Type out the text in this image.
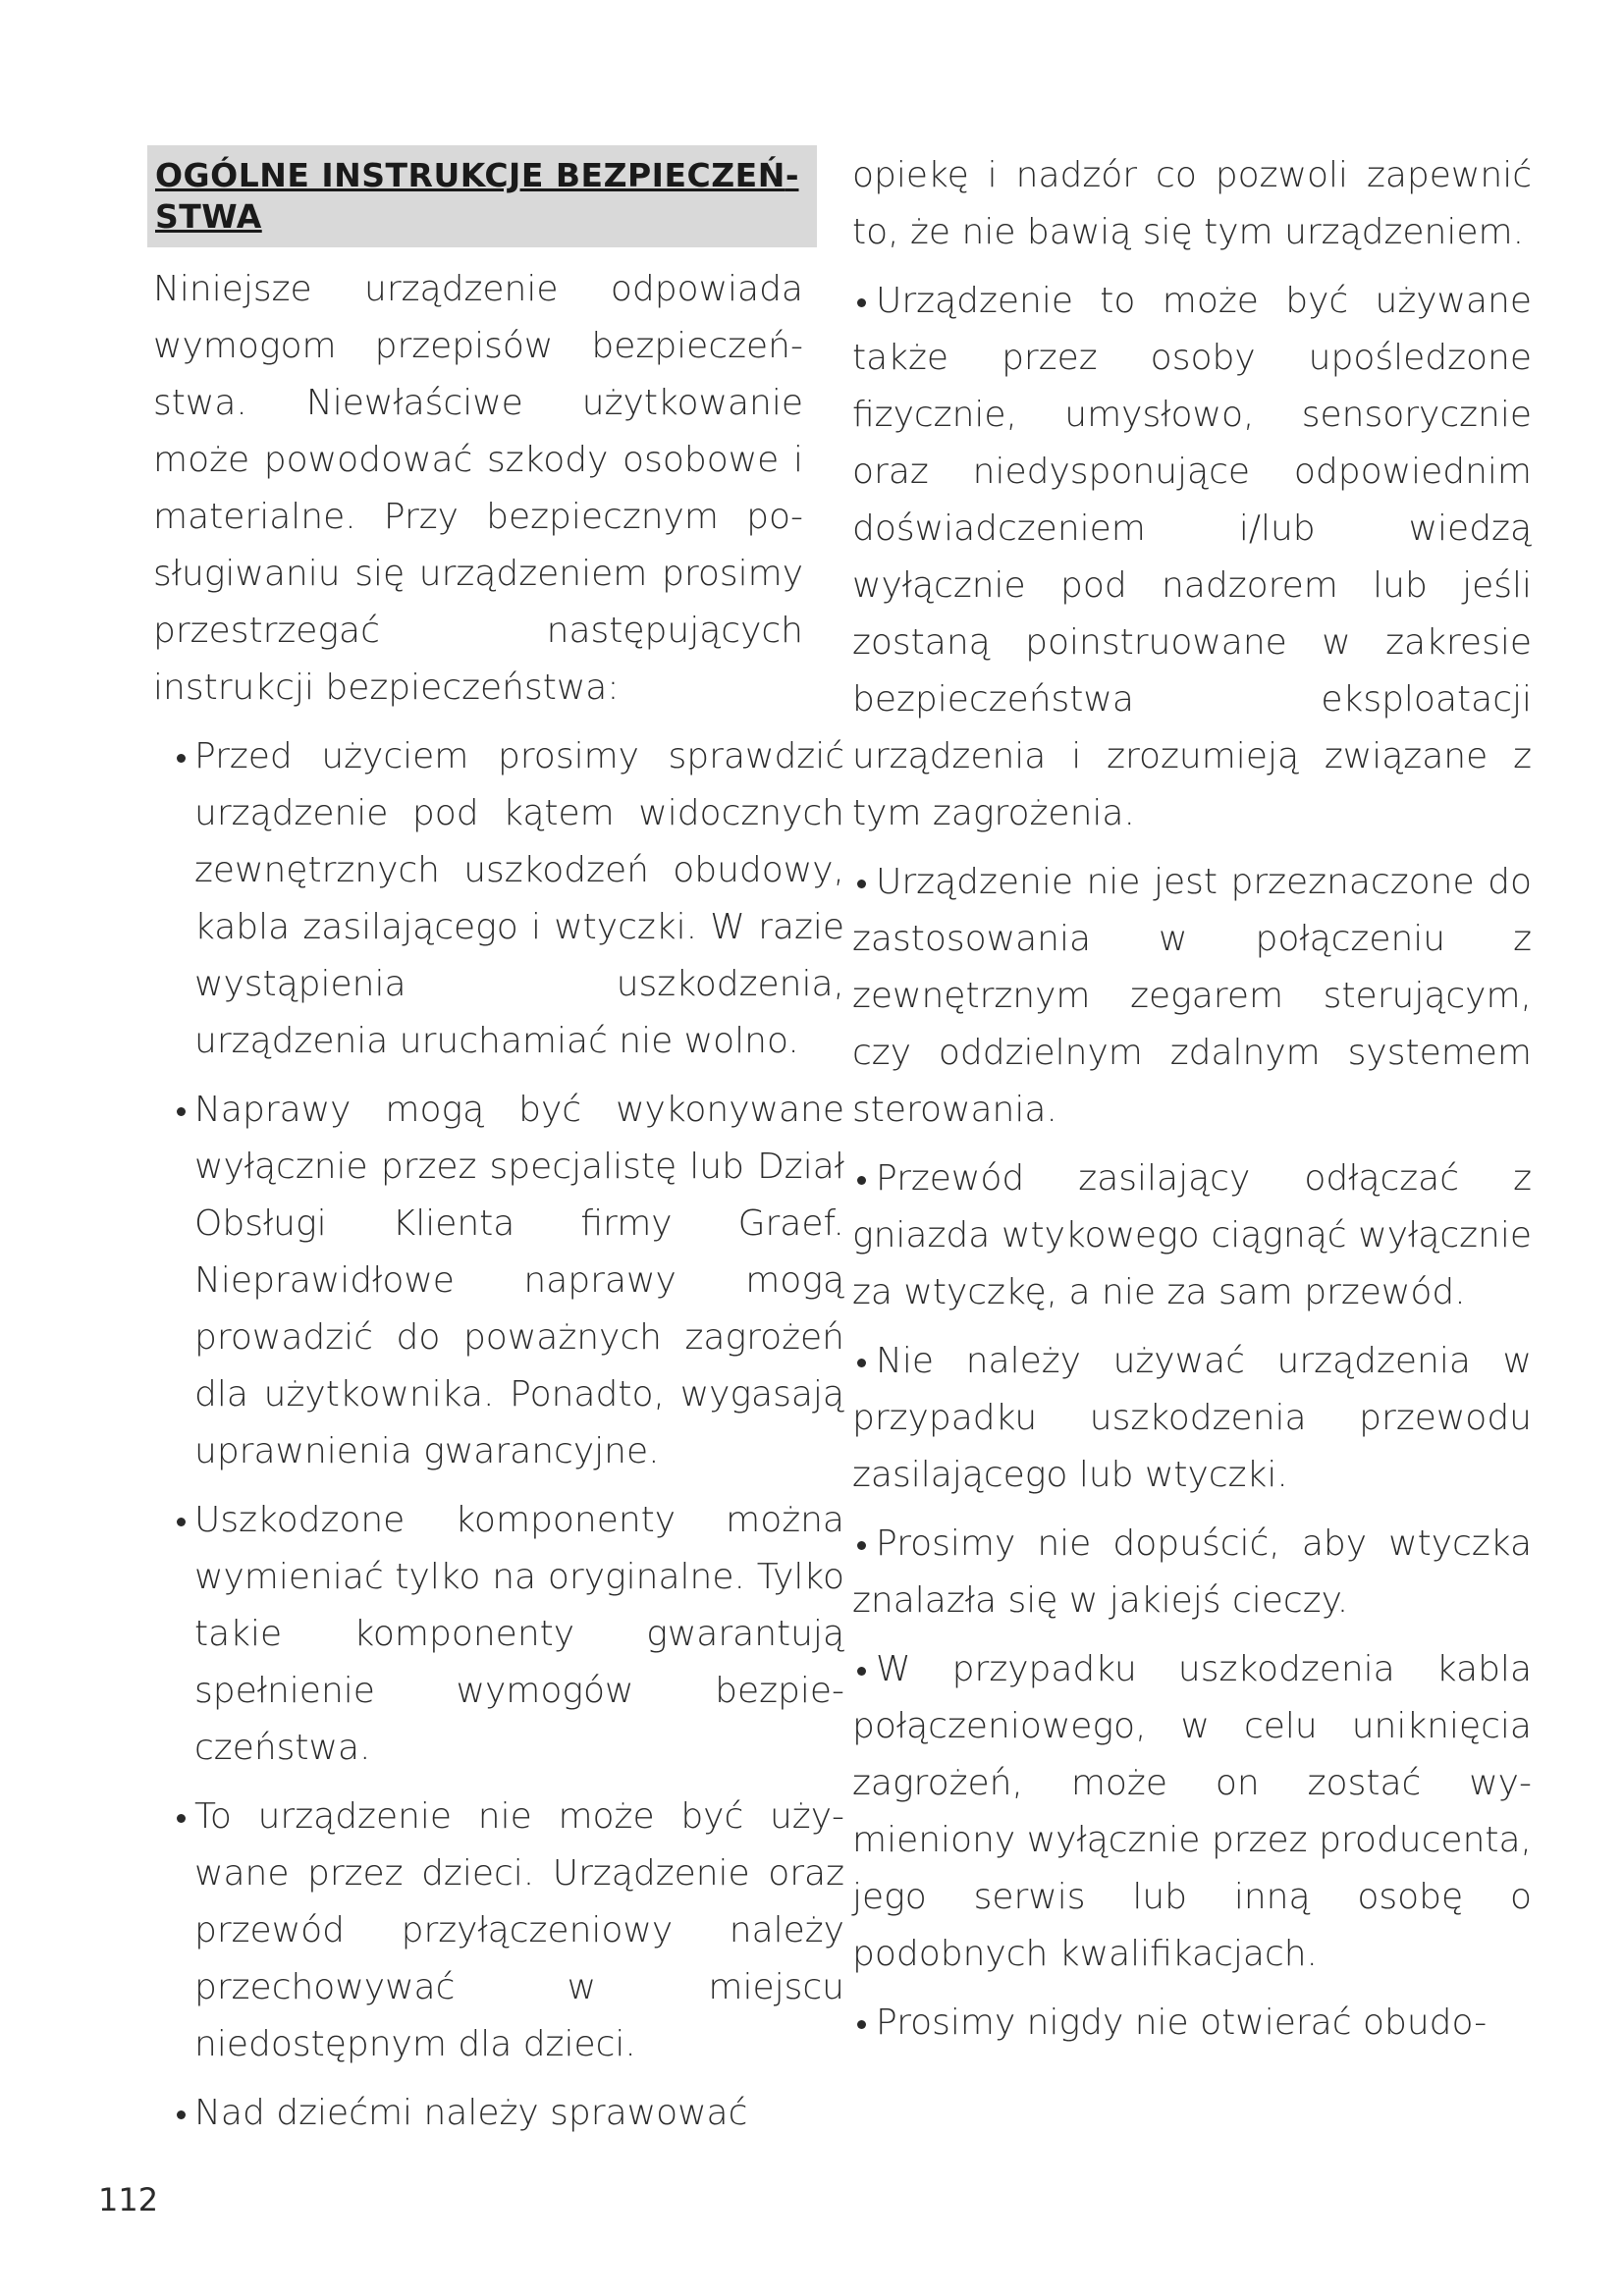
OGÓLNE INSTRUKCJE BEZPIECZEŃSTWA

Niniejsze urządzenie odpowiada wymogom przepisów bezpieczeństwa. Niewłaściwe użytkowanie może powodować szkody osobowe i materialne. Przy bezpiecznym posługiwaniu się urządzeniem prosimy przestrzegać następujących instrukcji bezpieczeństwa:

Przed użyciem prosimy sprawdzić urządzenie pod kątem widocznych zewnętrznych uszkodzeń obudowy, kabla zasilającego i wtyczki. W razie wystąpienia uszkodzenia, urządzenia uruchamiać nie wolno.
Naprawy mogą być wykonywane wyłącznie przez specjalistę lub Dział Obsługi Klienta firmy Graef. Nieprawidłowe naprawy mogą prowadzić do poważnych zagrożeń dla użytkownika. Ponadto, wygasają uprawnienia gwarancyjne.
Uszkodzone komponenty można wymieniać tylko na oryginalne. Tylko takie komponenty gwarantują spełnienie wymogów bezpieczeństwa.
To urządzenie nie może być używane przez dzieci. Urządzenie oraz przewód przyłączeniowy należy przechowywać w miejscu niedostępnym dla dzieci.
Nad dziećmi należy sprawować
opiekę i nadzór co pozwoli zapewnić to, że nie bawią się tym urządzeniem.
Urządzenie to może być używane także przez osoby upośledzone fizycznie, umysłowo, sensorycznie oraz niedysponujące odpowiednim doświadczeniem i/lub wiedzą wyłącznie pod nadzorem lub jeśli zostaną poinstruowane w zakresie bezpieczeństwa eksploatacji urządzenia i zrozumieją związane z tym zagrożenia.
Urządzenie nie jest przeznaczone do zastosowania w połączeniu z zewnętrznym zegarem sterującym, czy oddzielnym zdalnym systemem sterowania.
Przewód zasilający odłączać z gniazda wtykowego ciągnąć wyłącznie za wtyczkę, a nie za sam przewód.
Nie należy używać urządzenia w przypadku uszkodzenia przewodu zasilającego lub wtyczki.
Prosimy nie dopuścić, aby wtyczka znalazła się w jakiejś cieczy.
W przypadku uszkodzenia kabla połączeniowego, w celu uniknięcia zagrożeń, może on zostać wymieniony wyłącznie przez producenta, jego serwis lub inną osobę o podobnych kwalifikacjach.
Prosimy nigdy nie otwierać obudo-
112
